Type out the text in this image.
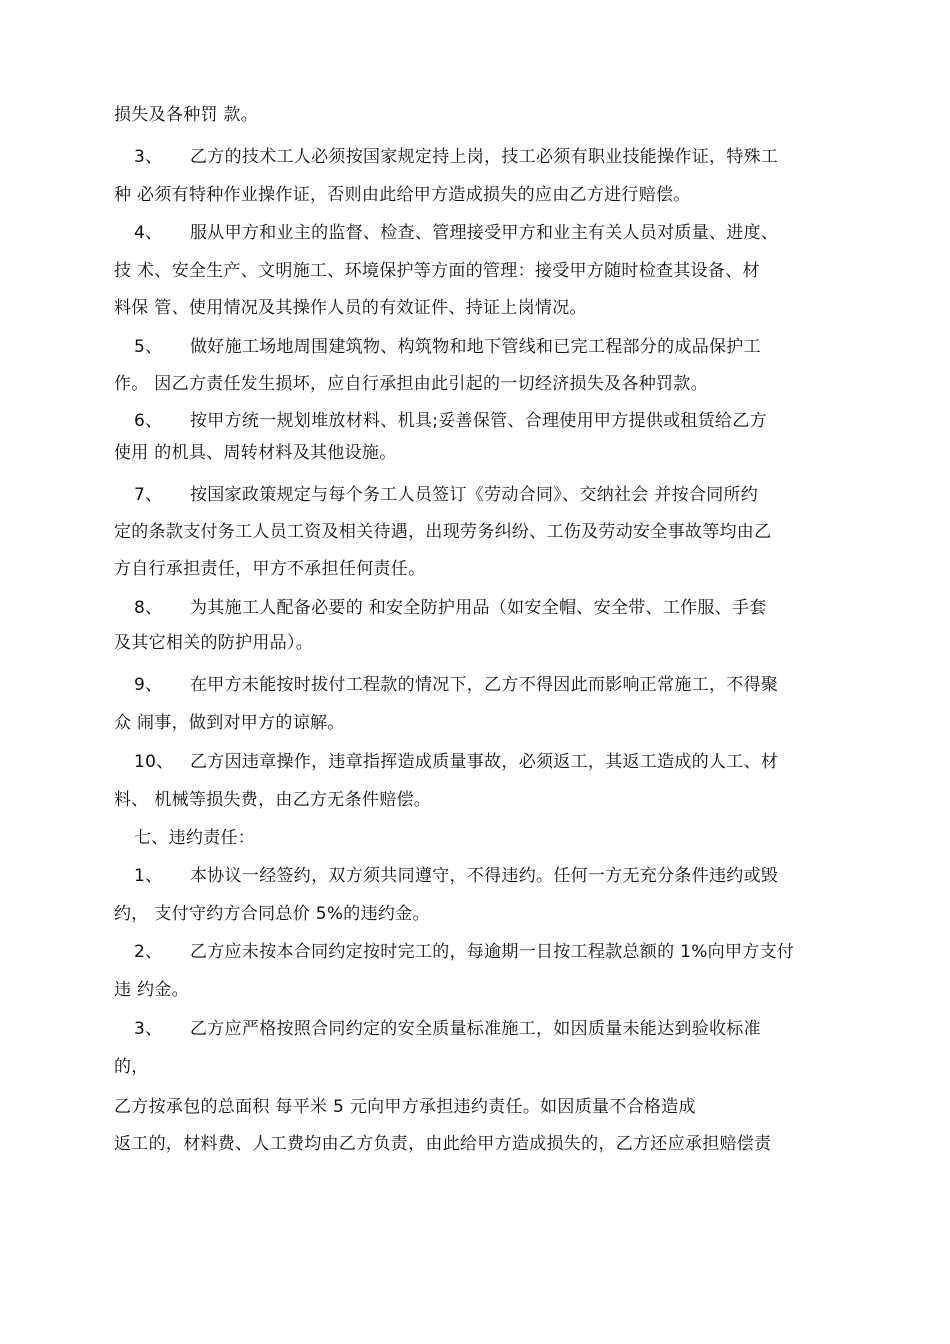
损失及各种罚 款。
3、 乙方的技术工人必须按国家规定持上岗，技工必须有职业技能操作证，特殊工
种 必须有特种作业操作证，否则由此给甲方造成损失的应由乙方进行赔偿。
4、 服从甲方和业主的监督、检查、管理接受甲方和业主有关人员对质量、进度、
技 术、安全生产、文明施工、环境保护等方面的管理：接受甲方随时检查其设备、材
料保 管、使用情况及其操作人员的有效证件、持证上岗情况。
5、 做好施工场地周围建筑物、构筑物和地下管线和已完工程部分的成品保护工
作。 因乙方责任发生损坏，应自行承担由此引起的一切经济损失及各种罚款。
6、 按甲方统一规划堆放材料、机具;妥善保管、合理使用甲方提供或租赁给乙方
使用 的机具、周转材料及其他设施。
7、 按国家政策规定与每个务工人员签订《劳动合同》、交纳社会 并按合同所约
定的条款支付务工人员工资及相关待遇，出现劳务纠纷、工伤及劳动安全事故等均由乙
方自行承担责任，甲方不承担任何责任。
8、 为其施工人配备必要的 和安全防护用品（如安全帽、安全带、工作服、手套
及其它相关的防护用品）。
9、 在甲方未能按时拔付工程款的情况下，乙方不得因此而影响正常施工，不得聚
众 闹事，做到对甲方的谅解。
10、 乙方因违章操作，违章指挥造成质量事故，必须返工，其返工造成的人工、材
料、 机械等损失费，由乙方无条件赔偿。
七、违约责任：
1、 本协议一经签约，双方须共同遵守，不得违约。任何一方无充分条件违约或毁
约， 支付守约方合同总价 5%的违约金。
2、 乙方应未按本合同约定按时完工的，每逾期一日按工程款总额的 1%向甲方支付
违 约金。
3、 乙方应严格按照合同约定的安全质量标准施工，如因质量未能达到验收标准
的，
乙方按承包的总面积 每平米 5 元向甲方承担违约责任。如因质量不合格造成
返工的，材料费、人工费均由乙方负责，由此给甲方造成损失的，乙方还应承担赔偿责
